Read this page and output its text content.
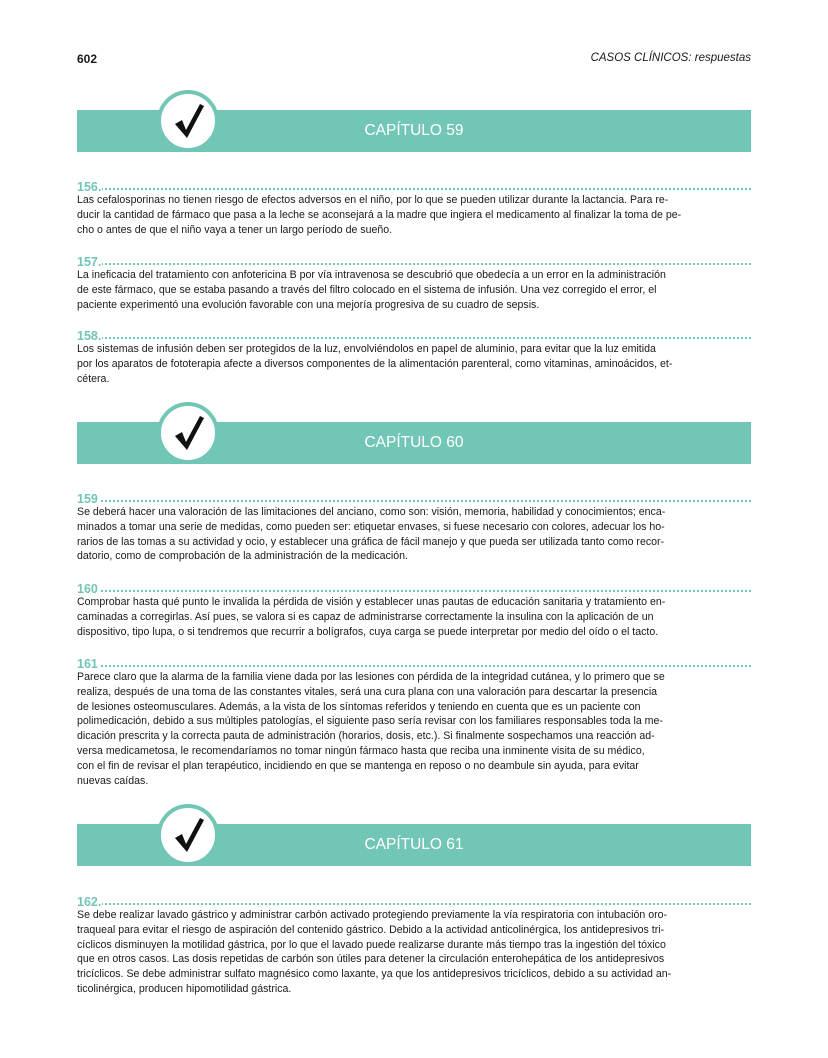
602	CASOS CLÍNICOS: respuestas
CAPÍTULO 59
156.
Las cefalosporinas no tienen riesgo de efectos adversos en el niño, por lo que se pueden utilizar durante la lactancia. Para re-
ducir la cantidad de fármaco que pasa a la leche se aconsejará a la madre que ingiera el medicamento al finalizar la toma de pe-
cho o antes de que el niño vaya a tener un largo período de sueño.
157.
La ineficacia del tratamiento con anfotericina B por vía intravenosa se descubrió que obedecía a un error en la administración
de este fármaco, que se estaba pasando a través del filtro colocado en el sistema de infusión. Una vez corregido el error, el
paciente experimentó una evolución favorable con una mejoría progresiva de su cuadro de sepsis.
158.
Los sistemas de infusión deben ser protegidos de la luz, envolviéndolos en papel de aluminio, para evitar que la luz emitida
por los aparatos de fototerapia afecte a diversos componentes de la alimentación parenteral, como vitaminas, aminoácidos, et-
cétera.
CAPÍTULO 60
159
Se deberá hacer una valoración de las limitaciones del anciano, como son: visión, memoria, habilidad y conocimientos; enca-
minados a tomar una serie de medidas, como pueden ser: etiquetar envases, si fuese necesario con colores, adecuar los ho-
rarios de las tomas a su actividad y ocio, y establecer una gráfica de fácil manejo y que pueda ser utilizada tanto como recor-
datorio, como de comprobación de la administración de la medicación.
160
Comprobar hasta qué punto le invalida la pérdida de visión y establecer unas pautas de educación sanitaria y tratamiento en-
caminadas a corregirlas. Así pues, se valora si es capaz de administrarse correctamente la insulina con la aplicación de un
dispositivo, tipo lupa, o si tendremos que recurrir a bolígrafos, cuya carga se puede interpretar por medio del oído o el tacto.
161
Parece claro que la alarma de la familia viene dada por las lesiones con pérdida de la integridad cutánea, y lo primero que se
realiza, después de una toma de las constantes vitales, será una cura plana con una valoración para descartar la presencia
de lesiones osteomusculares. Además, a la vista de los síntomas referidos y teniendo en cuenta que es un paciente con
polimedicación, debido a sus múltiples patologías, el siguiente paso sería revisar con los familiares responsables toda la me-
dicación prescrita y la correcta pauta de administración (horarios, dosis, etc.). Si finalmente sospechamos una reacción ad-
versa medicametosa, le recomendaríamos no tomar ningún fármaco hasta que reciba una inminente visita de su médico,
con el fin de revisar el plan terapéutico, incidiendo en que se mantenga en reposo o no deambule sin ayuda, para evitar
nuevas caídas.
CAPÍTULO 61
162.
Se debe realizar lavado gástrico y administrar carbón activado protegiendo previamente la vía respiratoria con intubación oro-
traqueal para evitar el riesgo de aspiración del contenido gástrico. Debido a la actividad anticolinérgica, los antidepresivos tri-
cíclicos disminuyen la motilidad gástrica, por lo que el lavado puede realizarse durante más tiempo tras la ingestión del tóxico
que en otros casos. Las dosis repetidas de carbón son útiles para detener la circulación enterohepática de los antidepresivos
tricíclicos. Se debe administrar sulfato magnésico como laxante, ya que los antidepresivos tricíclicos, debido a su actividad an-
ticolinérgica, producen hipomotilidad gástrica.
